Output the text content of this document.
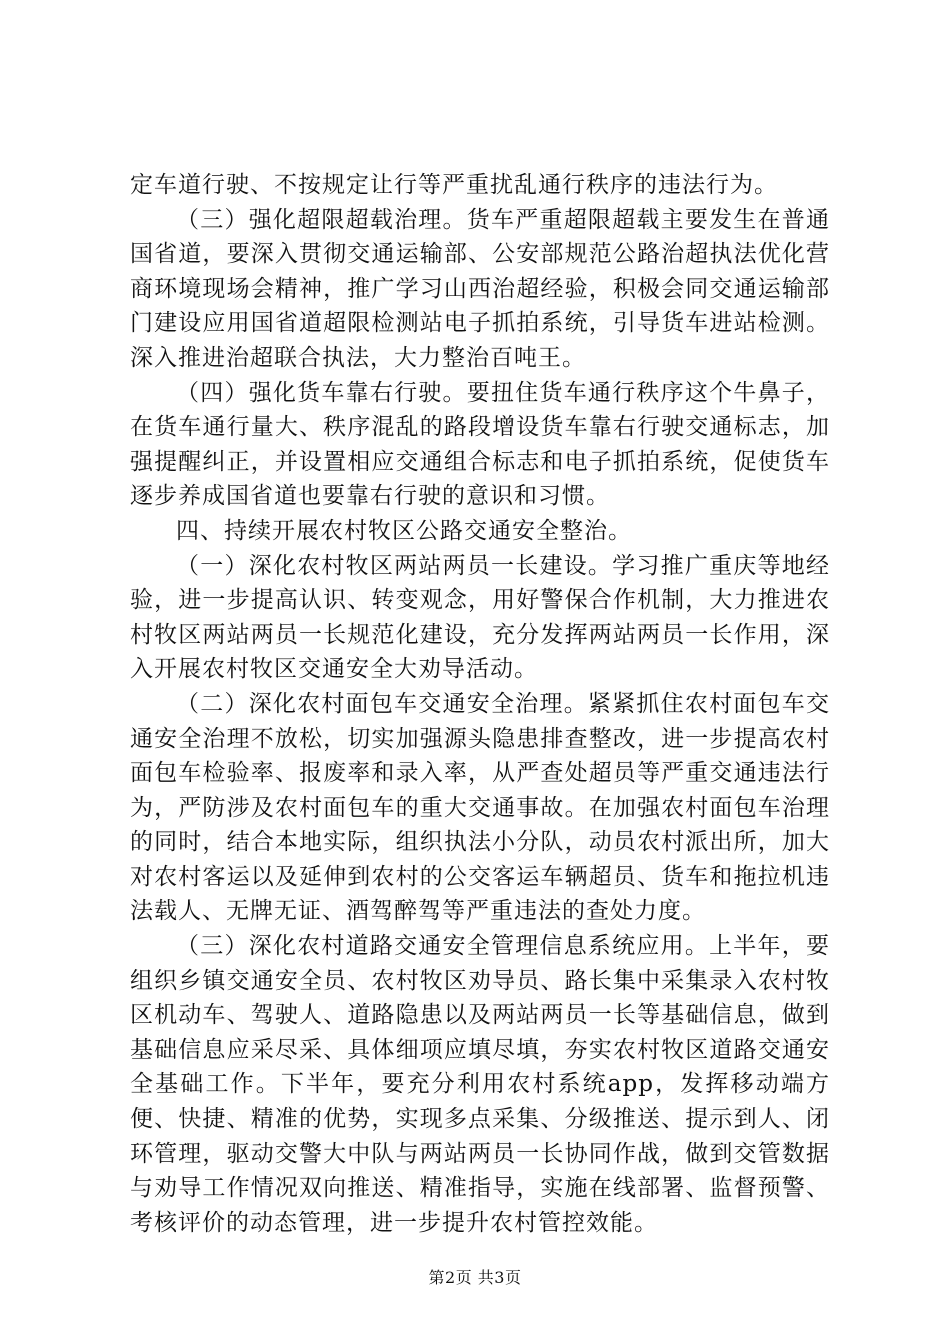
定车道行驶、不按规定让行等严重扰乱通行秩序的违法行为。

（三）强化超限超载治理。货车严重超限超载主要发生在普通国省道，要深入贯彻交通运输部、公安部规范公路治超执法优化营商环境现场会精神，推广学习山西治超经验，积极会同交通运输部门建设应用国省道超限检测站电子抓拍系统，引导货车进站检测。深入推进治超联合执法，大力整治百吨王。

（四）强化货车靠右行驶。要扭住货车通行秩序这个牛鼻子，在货车通行量大、秩序混乱的路段增设货车靠右行驶交通标志，加强提醒纠正，并设置相应交通组合标志和电子抓拍系统，促使货车逐步养成国省道也要靠右行驶的意识和习惯。

四、持续开展农村牧区公路交通安全整治。

（一）深化农村牧区两站两员一长建设。学习推广重庆等地经验，进一步提高认识、转变观念，用好警保合作机制，大力推进农村牧区两站两员一长规范化建设，充分发挥两站两员一长作用，深入开展农村牧区交通安全大劝导活动。

（二）深化农村面包车交通安全治理。紧紧抓住农村面包车交通安全治理不放松，切实加强源头隐患排查整改，进一步提高农村面包车检验率、报废率和录入率，从严查处超员等严重交通违法行为，严防涉及农村面包车的重大交通事故。在加强农村面包车治理的同时，结合本地实际，组织执法小分队，动员农村派出所，加大对农村客运以及延伸到农村的公交客运车辆超员、货车和拖拉机违法载人、无牌无证、酒驾醉驾等严重违法的查处力度。

（三）深化农村道路交通安全管理信息系统应用。上半年，要组织乡镇交通安全员、农村牧区劝导员、路长集中采集录入农村牧区机动车、驾驶人、道路隐患以及两站两员一长等基础信息，做到基础信息应采尽采、具体细项应填尽填，夯实农村牧区道路交通安全基础工作。下半年，要充分利用农村系统app，发挥移动端方便、快捷、精准的优势，实现多点采集、分级推送、提示到人、闭环管理，驱动交警大中队与两站两员一长协同作战，做到交管数据与劝导工作情况双向推送、精准指导，实施在线部署、监督预警、考核评价的动态管理，进一步提升农村管控效能。

第2页 共3页
